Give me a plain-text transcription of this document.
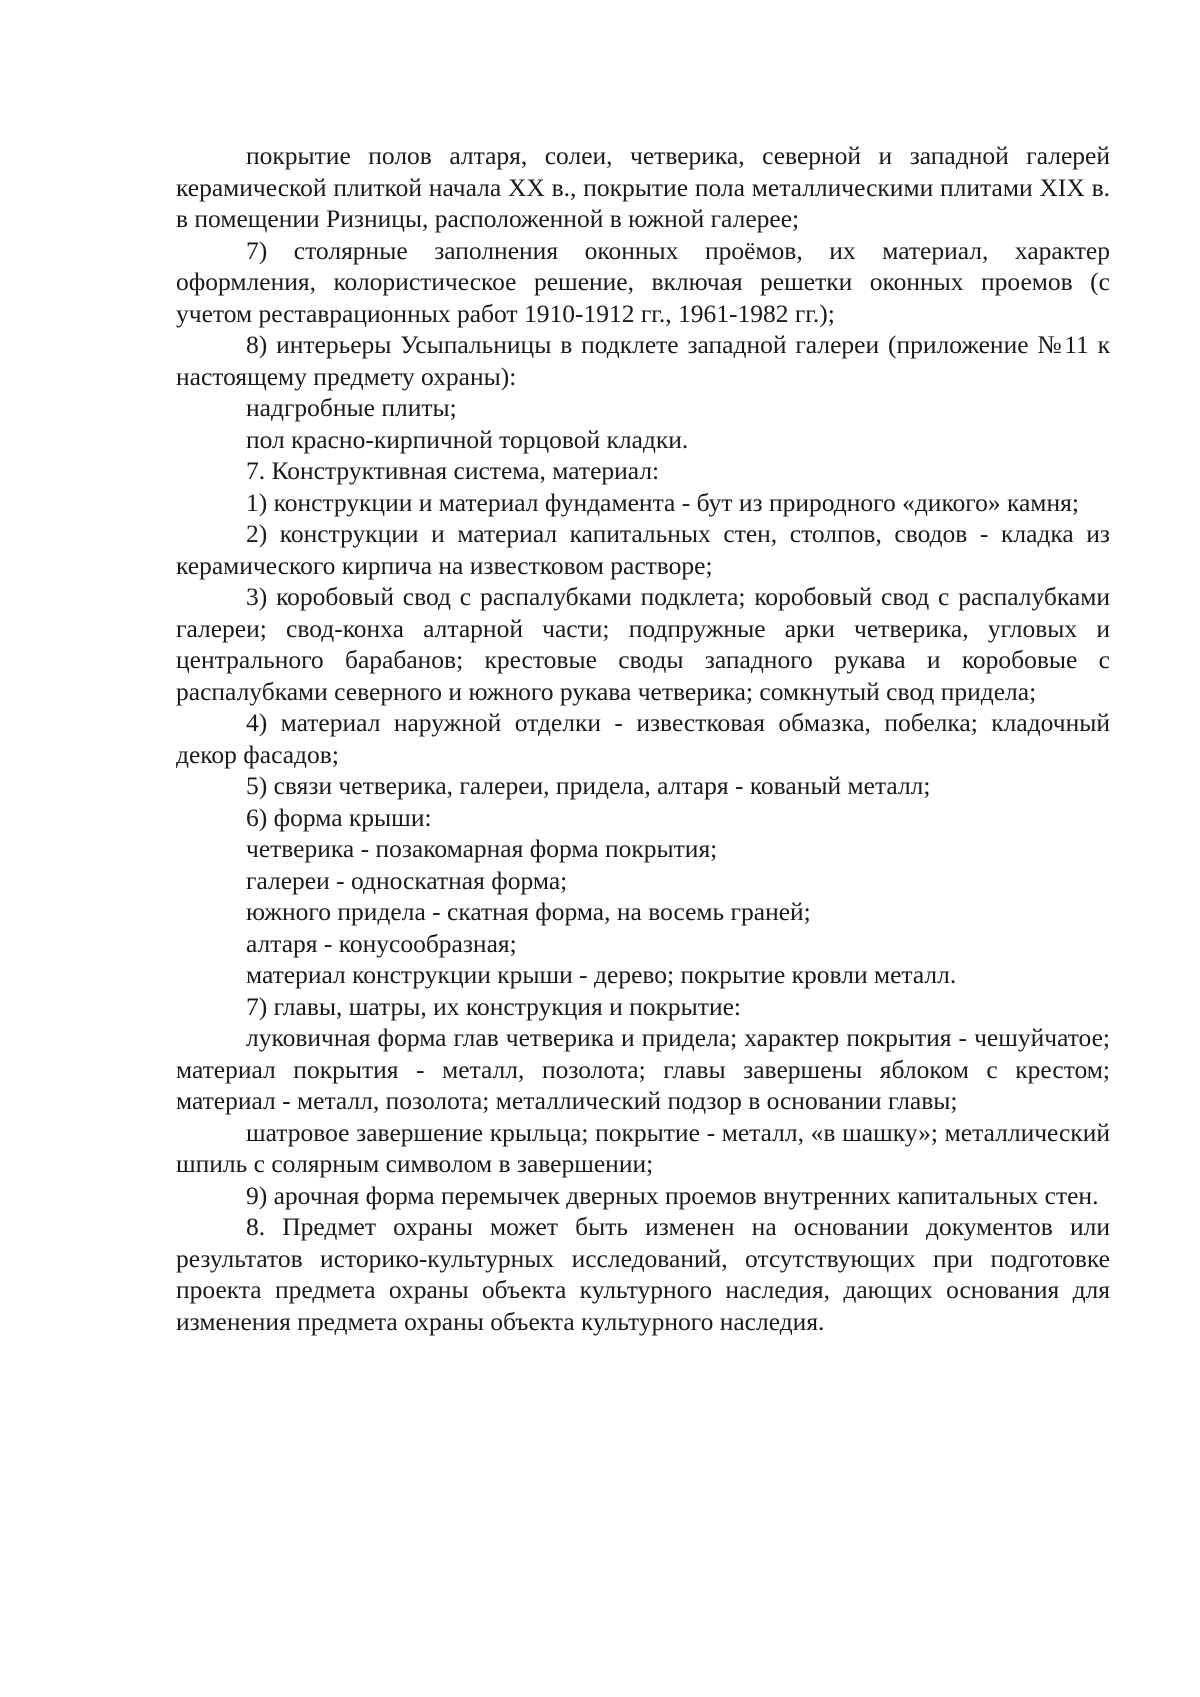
покрытие полов алтаря, солеи, четверика, северной и западной галерей керамической плиткой начала XX в., покрытие пола металлическими плитами XIX в. в помещении Ризницы, расположенной в южной галерее;

7) столярные заполнения оконных проёмов, их материал, характер оформления, колористическое решение, включая решетки оконных проемов (с учетом реставрационных работ 1910-1912 гг., 1961-1982 гг.);

8) интерьеры Усыпальницы в подклете западной галереи (приложение №11 к настоящему предмету охраны):

надгробные плиты;

пол красно-кирпичной торцовой кладки.

7. Конструктивная система, материал:

1) конструкции и материал фундамента - бут из природного «дикого» камня;

2) конструкции и материал капитальных стен, столпов, сводов - кладка из керамического кирпича на известковом растворе;

3) коробовый свод с распалубками подклета; коробовый свод с распалубками галереи; свод-конха алтарной части; подпружные арки четверика, угловых и центрального барабанов; крестовые своды западного рукава и коробовые с распалубками северного и южного рукава четверика; сомкнутый свод придела;

4) материал наружной отделки - известковая обмазка, побелка; кладочный декор фасадов;

5) связи четверика, галереи, придела, алтаря - кованый металл;

6) форма крыши:

четверика - позакомарная форма покрытия;

галереи - односкатная форма;

южного придела - скатная форма, на восемь граней;

алтаря - конусообразная;

материал конструкции крыши - дерево; покрытие кровли металл.

7) главы, шатры, их конструкция и покрытие:

луковичная форма глав четверика и придела; характер покрытия - чешуйчатое; материал покрытия - металл, позолота; главы завершены яблоком с крестом; материал - металл, позолота; металлический подзор в основании главы;

шатровое завершение крыльца; покрытие - металл, «в шашку»; металлический шпиль с солярным символом в завершении;

9) арочная форма перемычек дверных проемов внутренних капитальных стен.

8. Предмет охраны может быть изменен на основании документов или результатов историко-культурных исследований, отсутствующих при подготовке проекта предмета охраны объекта культурного наследия, дающих основания для изменения предмета охраны объекта культурного наследия.
